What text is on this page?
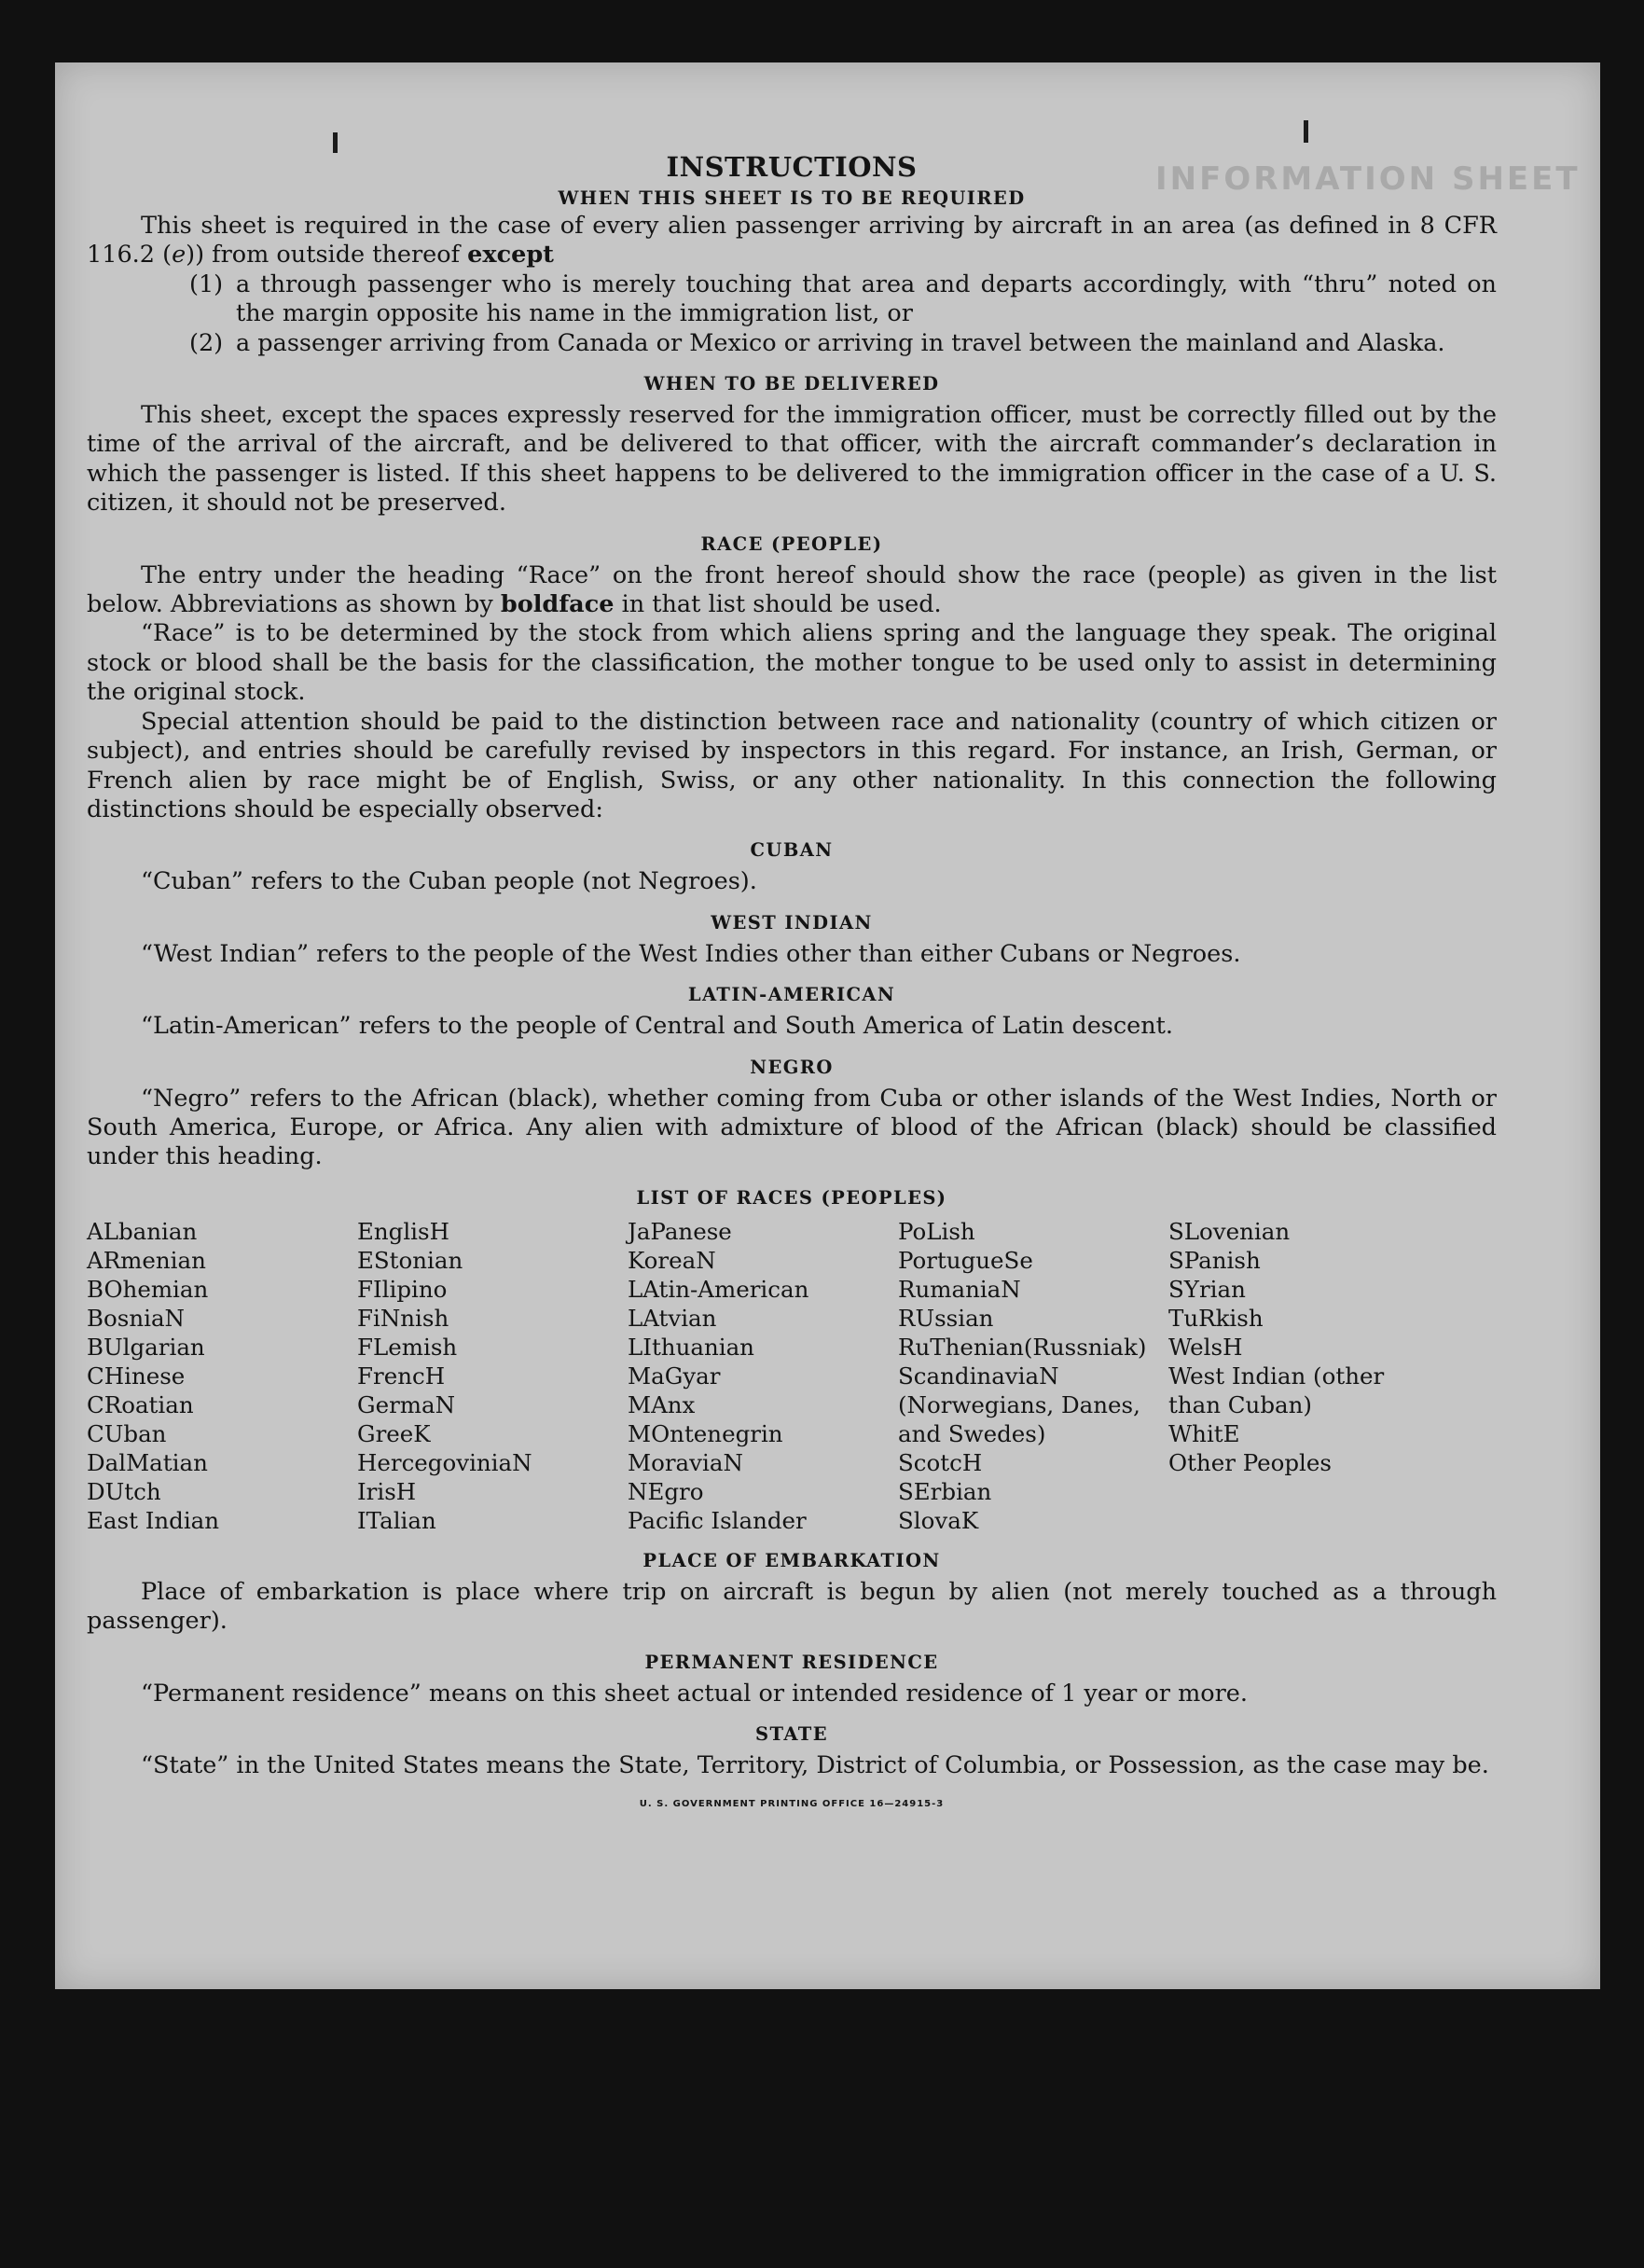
INFORMATION SHEET
INSTRUCTIONS
WHEN THIS SHEET IS TO BE REQUIRED

This sheet is required in the case of every alien passenger arriving by aircraft in an area (as defined in 8 CFR 116.2 (e)) from outside thereof except

(1) a through passenger who is merely touching that area and departs accordingly, with “thru” noted on the margin opposite his name in the immigration list, or
(2) a passenger arriving from Canada or Mexico or arriving in travel between the mainland and Alaska.
WHEN TO BE DELIVERED

This sheet, except the spaces expressly reserved for the immigration officer, must be correctly filled out by the time of the arrival of the aircraft, and be delivered to that officer, with the aircraft commander’s declaration in which the passenger is listed. If this sheet happens to be delivered to the immigration officer in the case of a U. S. citizen, it should not be preserved.

RACE (PEOPLE)

The entry under the heading “Race” on the front hereof should show the race (people) as given in the list below. Abbreviations as shown by boldface in that list should be used.

“Race” is to be determined by the stock from which aliens spring and the language they speak. The original stock or blood shall be the basis for the classification, the mother tongue to be used only to assist in determining the original stock.

Special attention should be paid to the distinction between race and nationality (country of which citizen or subject), and entries should be carefully revised by inspectors in this regard. For instance, an Irish, German, or French alien by race might be of English, Swiss, or any other nationality. In this connection the following distinctions should be especially observed:

CUBAN

“Cuban” refers to the Cuban people (not Negroes).

WEST INDIAN

“West Indian” refers to the people of the West Indies other than either Cubans or Negroes.

LATIN-AMERICAN

“Latin-American” refers to the people of Central and South America of Latin descent.

NEGRO

“Negro” refers to the African (black), whether coming from Cuba or other islands of the West Indies, North or South America, Europe, or Africa. Any alien with admixture of blood of the African (black) should be classified under this heading.

LIST OF RACES (PEOPLES)
ALbanian
ARmenian
BOhemian
BosniaN
BUlgarian
CHinese
CRoatian
CUban
DalMatian
DUtch
East Indian
EnglisH
EStonian
FIlipino
FiNnish
FLemish
FrencH
GermaN
GreeK
HercegoviniaN
IrisH
ITalian
JaPanese
KoreaN
LAtin-American
LAtvian
LIthuanian
MaGyar
MAnx
MOntenegrin
MoraviaN
NEgro
Pacific Islander
PoLish
PortugueSe
RumaniaN
RUssian
RuThenian(Russniak)
ScandinaviaN (Norwegians, Danes, and Swedes)
ScotcH
SErbian
SlovaK
SLovenian
SPanish
SYrian
TuRkish
WelsH
West Indian (other than Cuban)
WhitE
Other Peoples
PLACE OF EMBARKATION

Place of embarkation is place where trip on aircraft is begun by alien (not merely touched as a through passenger).

PERMANENT RESIDENCE

“Permanent residence” means on this sheet actual or intended residence of 1 year or more.

STATE

“State” in the United States means the State, Territory, District of Columbia, or Possession, as the case may be.

U. S. GOVERNMENT PRINTING OFFICE 16—24915-3
